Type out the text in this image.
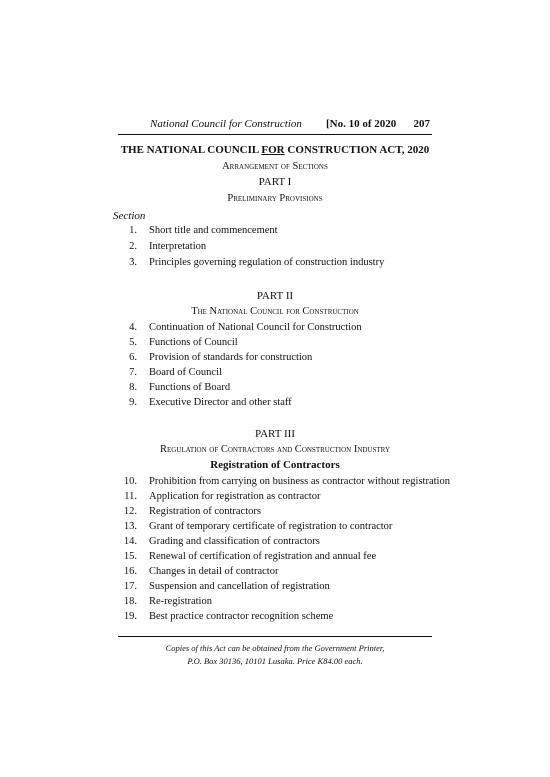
National Council for Construction [No. 10 of 2020 207
THE NATIONAL COUNCIL FOR CONSTRUCTION ACT, 2020
Arrangement of Sections
PART I
Preliminary Provisions
Section
1. Short title and commencement
2. Interpretation
3. Principles governing regulation of construction industry
PART II
The National Council for Construction
4. Continuation of National Council for Construction
5. Functions of Council
6. Provision of standards for construction
7. Board of Council
8. Functions of Board
9. Executive Director and other staff
PART III
Regulation of Contractors and Construction Industry
Registration of Contractors
10. Prohibition from carrying on business as contractor without registration
11. Application for registration as contractor
12. Registration of contractors
13. Grant of temporary certificate of registration to contractor
14. Grading and classification of contractors
15. Renewal of certification of registration and annual fee
16. Changes in detail of contractor
17. Suspension and cancellation of registration
18. Re-registration
19. Best practice contractor recognition scheme
Copies of this Act can be obtained from the Government Printer,
P.O. Box 30136, 10101 Lusaka. Price K84.00 each.
